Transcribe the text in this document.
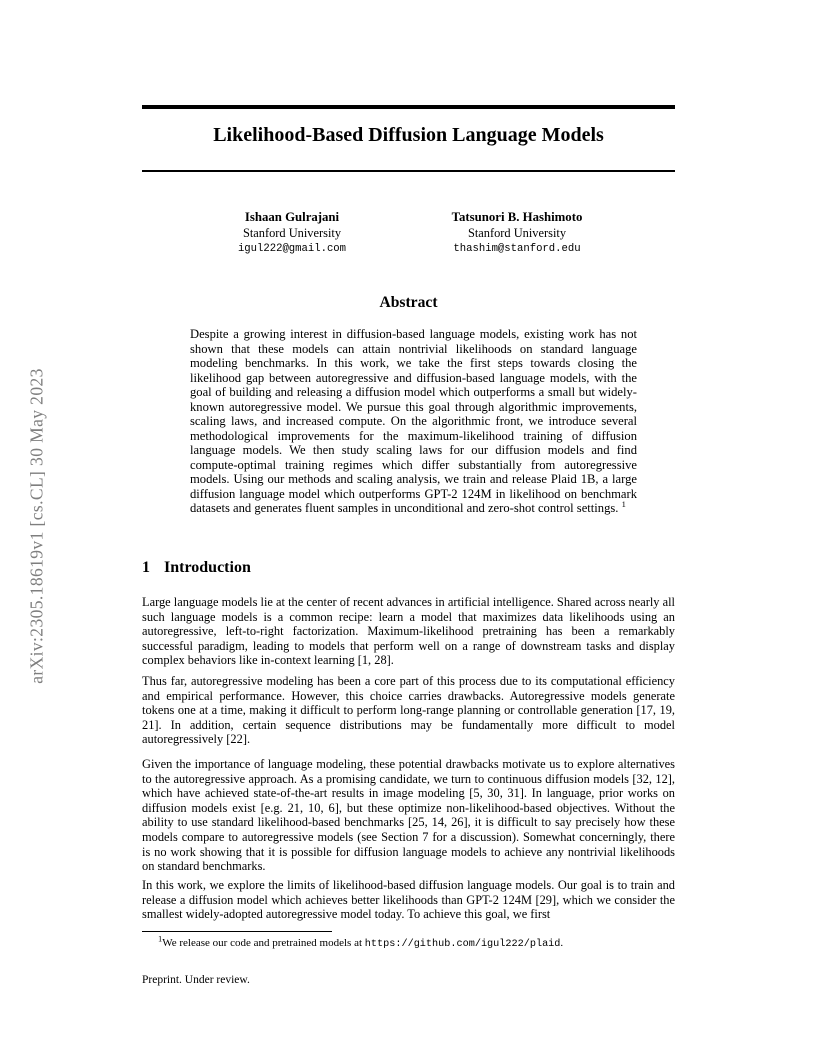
arXiv:2305.18619v1 [cs.CL] 30 May 2023
Likelihood-Based Diffusion Language Models
Ishaan Gulrajani
Stanford University
igul222@gmail.com
Tatsunori B. Hashimoto
Stanford University
thashim@stanford.edu
Abstract

Despite a growing interest in diffusion-based language models, existing work has not shown that these models can attain nontrivial likelihoods on standard language modeling benchmarks. In this work, we take the first steps towards closing the likelihood gap between autoregressive and diffusion-based language models, with the goal of building and releasing a diffusion model which outperforms a small but widely-known autoregressive model. We pursue this goal through algorithmic improvements, scaling laws, and increased compute. On the algorithmic front, we introduce several methodological improvements for the maximum-likelihood training of diffusion language models. We then study scaling laws for our diffusion models and find compute-optimal training regimes which differ substantially from autoregressive models. Using our methods and scaling analysis, we train and release Plaid 1B, a large diffusion language model which outperforms GPT-2 124M in likelihood on benchmark datasets and generates fluent samples in unconditional and zero-shot control settings. $^1$

1 Introduction

Large language models lie at the center of recent advances in artificial intelligence. Shared across nearly all such language models is a common recipe: learn a model that maximizes data likelihoods using an autoregressive, left-to-right factorization. Maximum-likelihood pretraining has been a remarkably successful paradigm, leading to models that perform well on a range of downstream tasks and display complex behaviors like in-context learning [1, 28].

Thus far, autoregressive modeling has been a core part of this process due to its computational efficiency and empirical performance. However, this choice carries drawbacks. Autoregressive models generate tokens one at a time, making it difficult to perform long-range planning or controllable generation [17, 19, 21]. In addition, certain sequence distributions may be fundamentally more difficult to model autoregressively [22].

Given the importance of language modeling, these potential drawbacks motivate us to explore alternatives to the autoregressive approach. As a promising candidate, we turn to continuous diffusion models [32, 12], which have achieved state-of-the-art results in image modeling [5, 30, 31]. In language, prior works on diffusion models exist [e.g. 21, 10, 6], but these optimize non-likelihood-based objectives. Without the ability to use standard likelihood-based benchmarks [25, 14, 26], it is difficult to say precisely how these models compare to autoregressive models (see Section 7 for a discussion). Somewhat concerningly, there is no work showing that it is possible for diffusion language models to achieve any nontrivial likelihoods on standard benchmarks.

In this work, we explore the limits of likelihood-based diffusion language models. Our goal is to train and release a diffusion model which achieves better likelihoods than GPT-2 124M [29], which we consider the smallest widely-adopted autoregressive model today. To achieve this goal, we first

$^1$We release our code and pretrained models at https://github.com/igul222/plaid.

Preprint. Under review.
